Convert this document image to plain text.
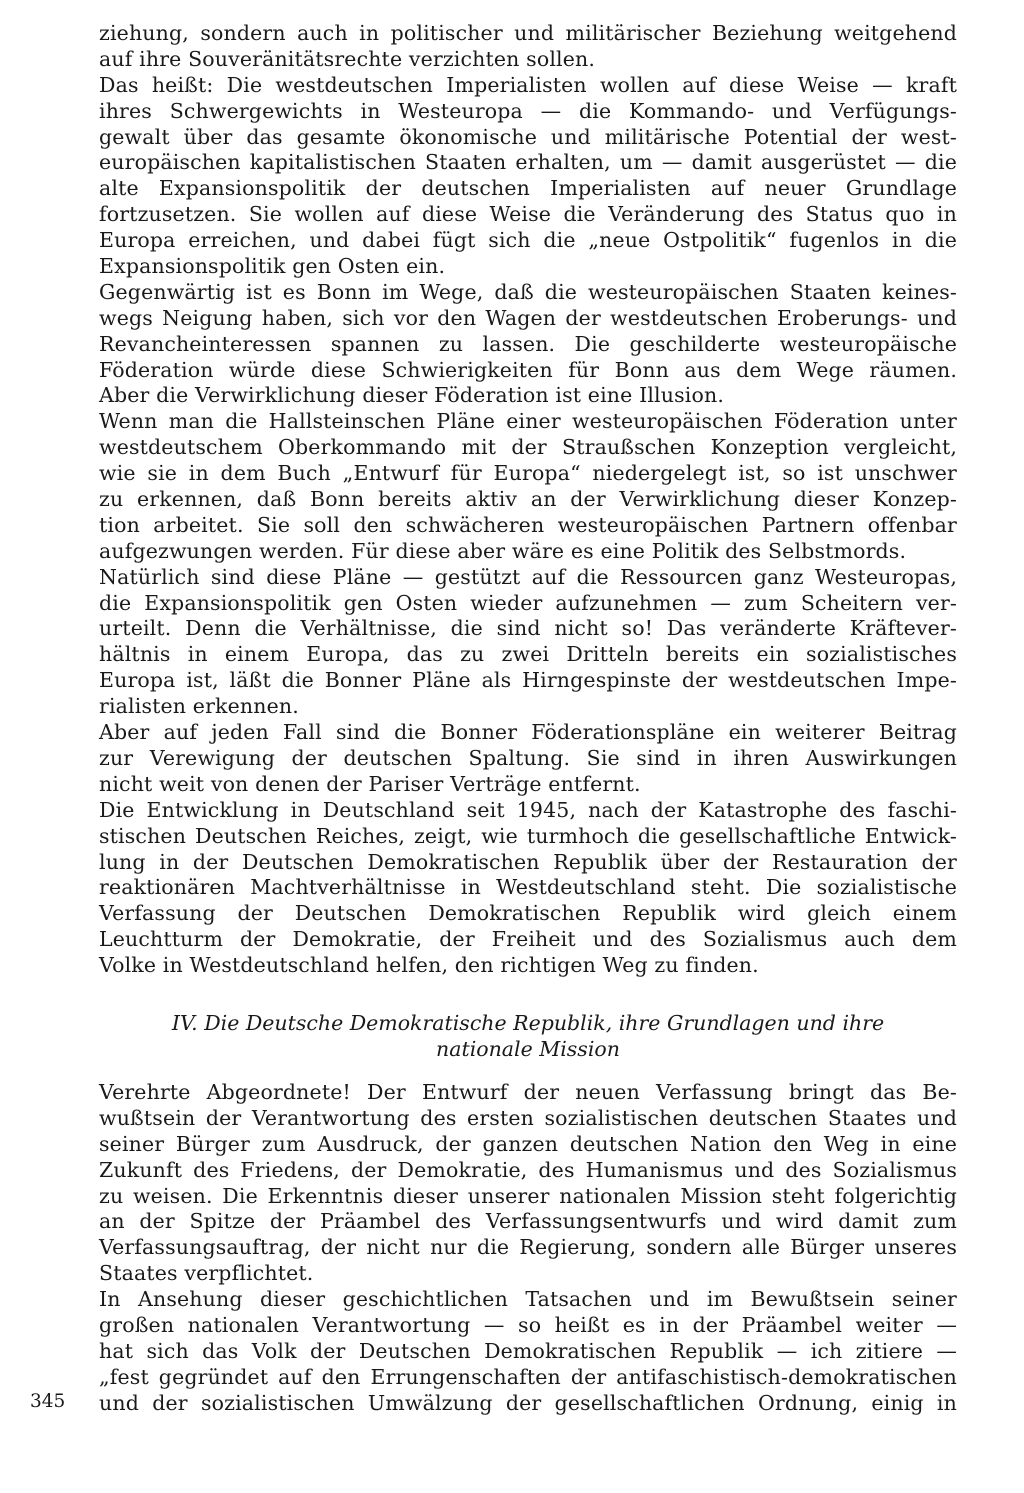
ziehung, sondern auch in politischer und militärischer Beziehung weitgehend
auf ihre Souveränitätsrechte verzichten sollen.
Das heißt: Die westdeutschen Imperialisten wollen auf diese Weise — kraft
ihres Schwergewichts in Westeuropa — die Kommando- und Verfügungs-
gewalt über das gesamte ökonomische und militärische Potential der west-
europäischen kapitalistischen Staaten erhalten, um — damit ausgerüstet — die
alte Expansionspolitik der deutschen Imperialisten auf neuer Grundlage
fortzusetzen. Sie wollen auf diese Weise die Veränderung des Status quo in
Europa erreichen, und dabei fügt sich die „neue Ostpolitik“ fugenlos in die
Expansionspolitik gen Osten ein.
Gegenwärtig ist es Bonn im Wege, daß die westeuropäischen Staaten keines-
wegs Neigung haben, sich vor den Wagen der westdeutschen Eroberungs- und
Revancheinteressen spannen zu lassen. Die geschilderte westeuropäische
Föderation würde diese Schwierigkeiten für Bonn aus dem Wege räumen.
Aber die Verwirklichung dieser Föderation ist eine Illusion.
Wenn man die Hallsteinschen Pläne einer westeuropäischen Föderation unter
westdeutschem Oberkommando mit der Straußschen Konzeption vergleicht,
wie sie in dem Buch „Entwurf für Europa“ niedergelegt ist, so ist unschwer
zu erkennen, daß Bonn bereits aktiv an der Verwirklichung dieser Konzep-
tion arbeitet. Sie soll den schwächeren westeuropäischen Partnern offenbar
aufgezwungen werden. Für diese aber wäre es eine Politik des Selbstmords.
Natürlich sind diese Pläne — gestützt auf die Ressourcen ganz Westeuropas,
die Expansionspolitik gen Osten wieder aufzunehmen — zum Scheitern ver-
urteilt. Denn die Verhältnisse, die sind nicht so! Das veränderte Kräftever-
hältnis in einem Europa, das zu zwei Dritteln bereits ein sozialistisches
Europa ist, läßt die Bonner Pläne als Hirngespinste der westdeutschen Impe-
rialisten erkennen.
Aber auf jeden Fall sind die Bonner Föderationspläne ein weiterer Beitrag
zur Verewigung der deutschen Spaltung. Sie sind in ihren Auswirkungen
nicht weit von denen der Pariser Verträge entfernt.
Die Entwicklung in Deutschland seit 1945, nach der Katastrophe des faschi-
stischen Deutschen Reiches, zeigt, wie turmhoch die gesellschaftliche Entwick-
lung in der Deutschen Demokratischen Republik über der Restauration der
reaktionären Machtverhältnisse in Westdeutschland steht. Die sozialistische
Verfassung der Deutschen Demokratischen Republik wird gleich einem
Leuchtturm der Demokratie, der Freiheit und des Sozialismus auch dem
Volke in Westdeutschland helfen, den richtigen Weg zu finden.
IV. Die Deutsche Demokratische Republik, ihre Grundlagen und ihre
nationale Mission
Verehrte Abgeordnete! Der Entwurf der neuen Verfassung bringt das Be-
wußtsein der Verantwortung des ersten sozialistischen deutschen Staates und
seiner Bürger zum Ausdruck, der ganzen deutschen Nation den Weg in eine
Zukunft des Friedens, der Demokratie, des Humanismus und des Sozialismus
zu weisen. Die Erkenntnis dieser unserer nationalen Mission steht folgerichtig
an der Spitze der Präambel des Verfassungsentwurfs und wird damit zum
Verfassungsauftrag, der nicht nur die Regierung, sondern alle Bürger unseres
Staates verpflichtet.
In Ansehung dieser geschichtlichen Tatsachen und im Bewußtsein seiner
großen nationalen Verantwortung — so heißt es in der Präambel weiter —
hat sich das Volk der Deutschen Demokratischen Republik — ich zitiere —
„fest gegründet auf den Errungenschaften der antifaschistisch-demokratischen
und der sozialistischen Umwälzung der gesellschaftlichen Ordnung, einig in
345
